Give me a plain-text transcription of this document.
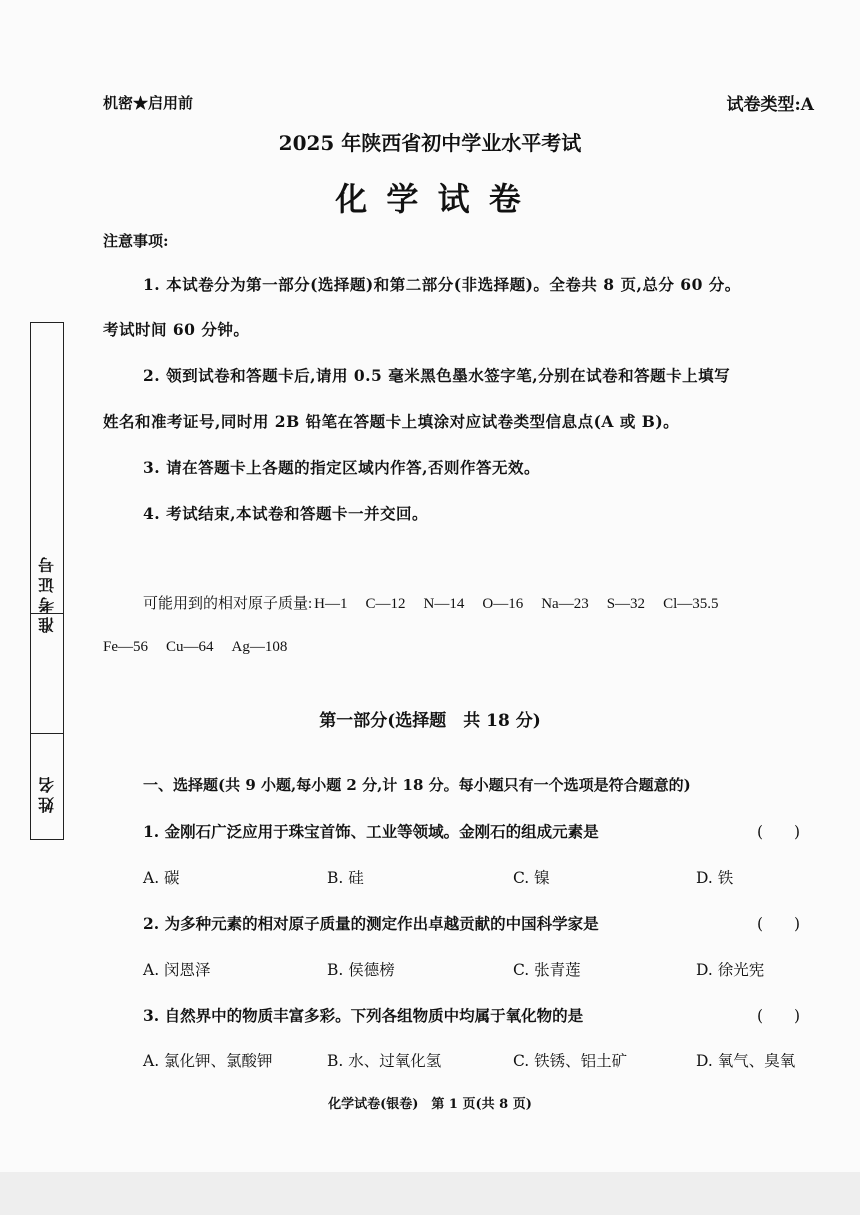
机密★启用前	试卷类型:A
2025 年陕西省初中学业水平考试
化 学 试 卷
准考证号
姓名
注意事项:
1. 本试卷分为第一部分(选择题)和第二部分(非选择题)。全卷共 8 页,总分 60 分。
考试时间 60 分钟。
2. 领到试卷和答题卡后,请用 0.5 毫米黑色墨水签字笔,分别在试卷和答题卡上填写
姓名和准考证号,同时用 2B 铅笔在答题卡上填涂对应试卷类型信息点(A 或 B)。
3. 请在答题卡上各题的指定区域内作答,否则作答无效。
4. 考试结束,本试卷和答题卡一并交回。
可能用到的相对原子质量: H—1 C—12 N—14 O—16 Na—23 S—32 Cl—35.5
Fe—56 Cu—64 Ag—108
第一部分(选择题　共 18 分)
一、选择题(共 9 小题,每小题 2 分,计 18 分。每小题只有一个选项是符合题意的)
1. 金刚石广泛应用于珠宝首饰、工业等领域。金刚石的组成元素是	(　　)
A. 碳	B. 硅	C. 镍	D. 铁
2. 为多种元素的相对原子质量的测定作出卓越贡献的中国科学家是	(　　)
A. 闵恩泽	B. 侯德榜	C. 张青莲	D. 徐光宪
3. 自然界中的物质丰富多彩。下列各组物质中均属于氧化物的是	(　　)
A. 氯化钾、氯酸钾	B. 水、过氧化氢	C. 铁锈、铝土矿	D. 氧气、臭氧
化学试卷(银卷)　第 1 页(共 8 页)
